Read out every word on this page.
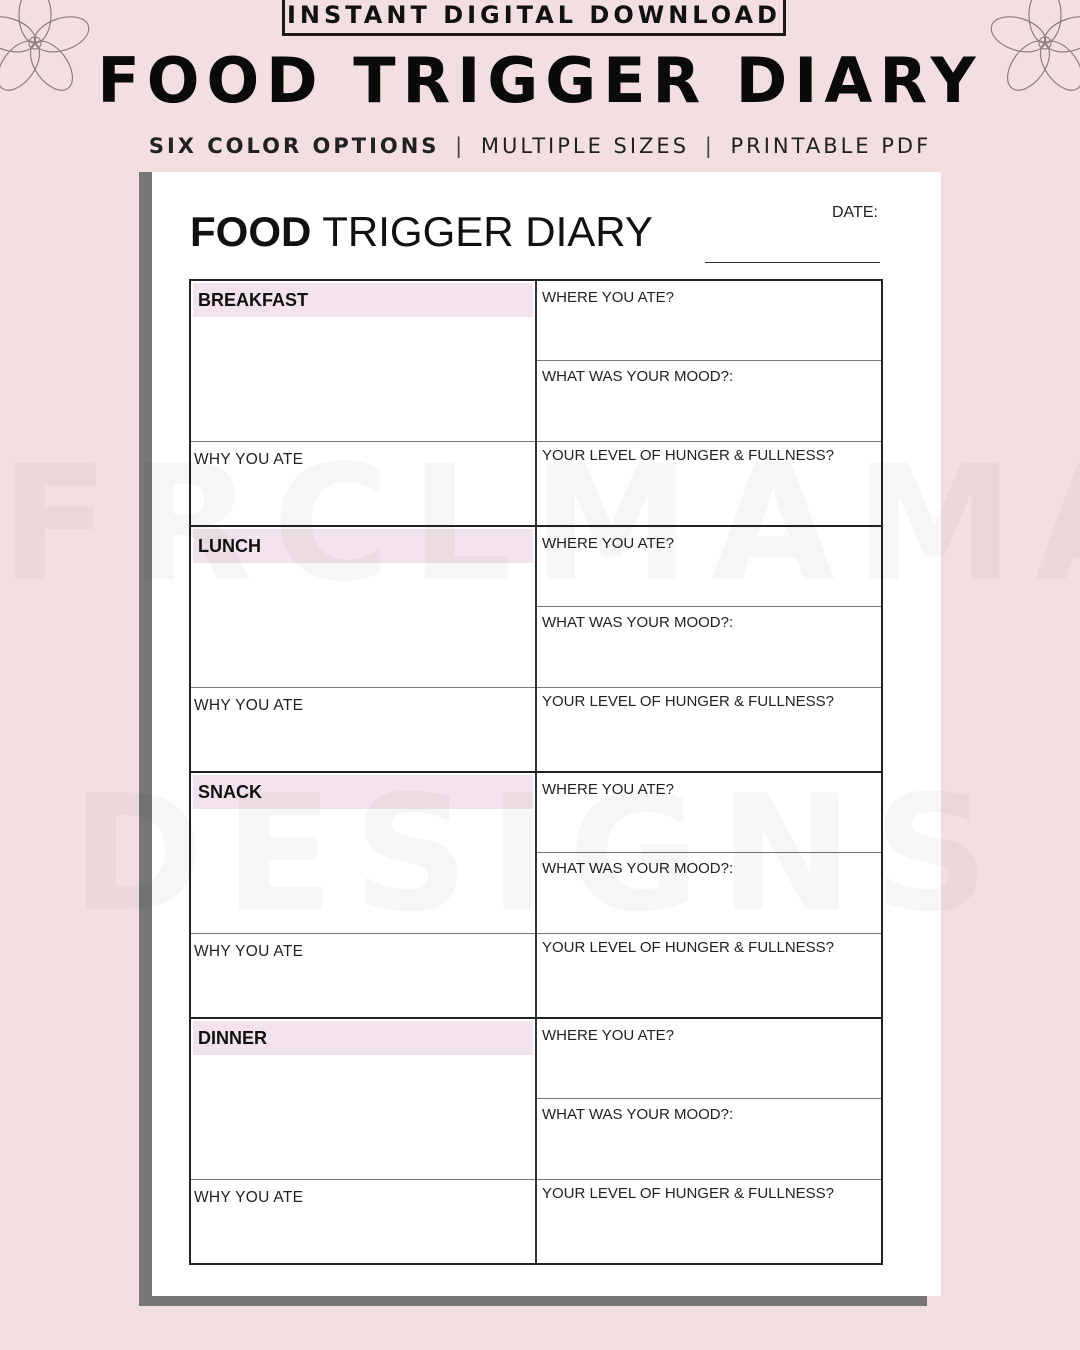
INSTANT DIGITAL DOWNLOAD
FOOD TRIGGER DIARY
SIX COLOR OPTIONS | MULTIPLE SIZES | PRINTABLE PDF
FOOD TRIGGER DIARY	DATE:
BREAKFAST
WHY YOU ATE
WHERE YOU ATE?
WHAT WAS YOUR MOOD?:
YOUR LEVEL OF HUNGER & FULLNESS?
LUNCH
WHY YOU ATE
WHERE YOU ATE?
WHAT WAS YOUR MOOD?:
YOUR LEVEL OF HUNGER & FULLNESS?
SNACK
WHY YOU ATE
WHERE YOU ATE?
WHAT WAS YOUR MOOD?:
YOUR LEVEL OF HUNGER & FULLNESS?
DINNER
WHY YOU ATE
WHERE YOU ATE?
WHAT WAS YOUR MOOD?:
YOUR LEVEL OF HUNGER & FULLNESS?
